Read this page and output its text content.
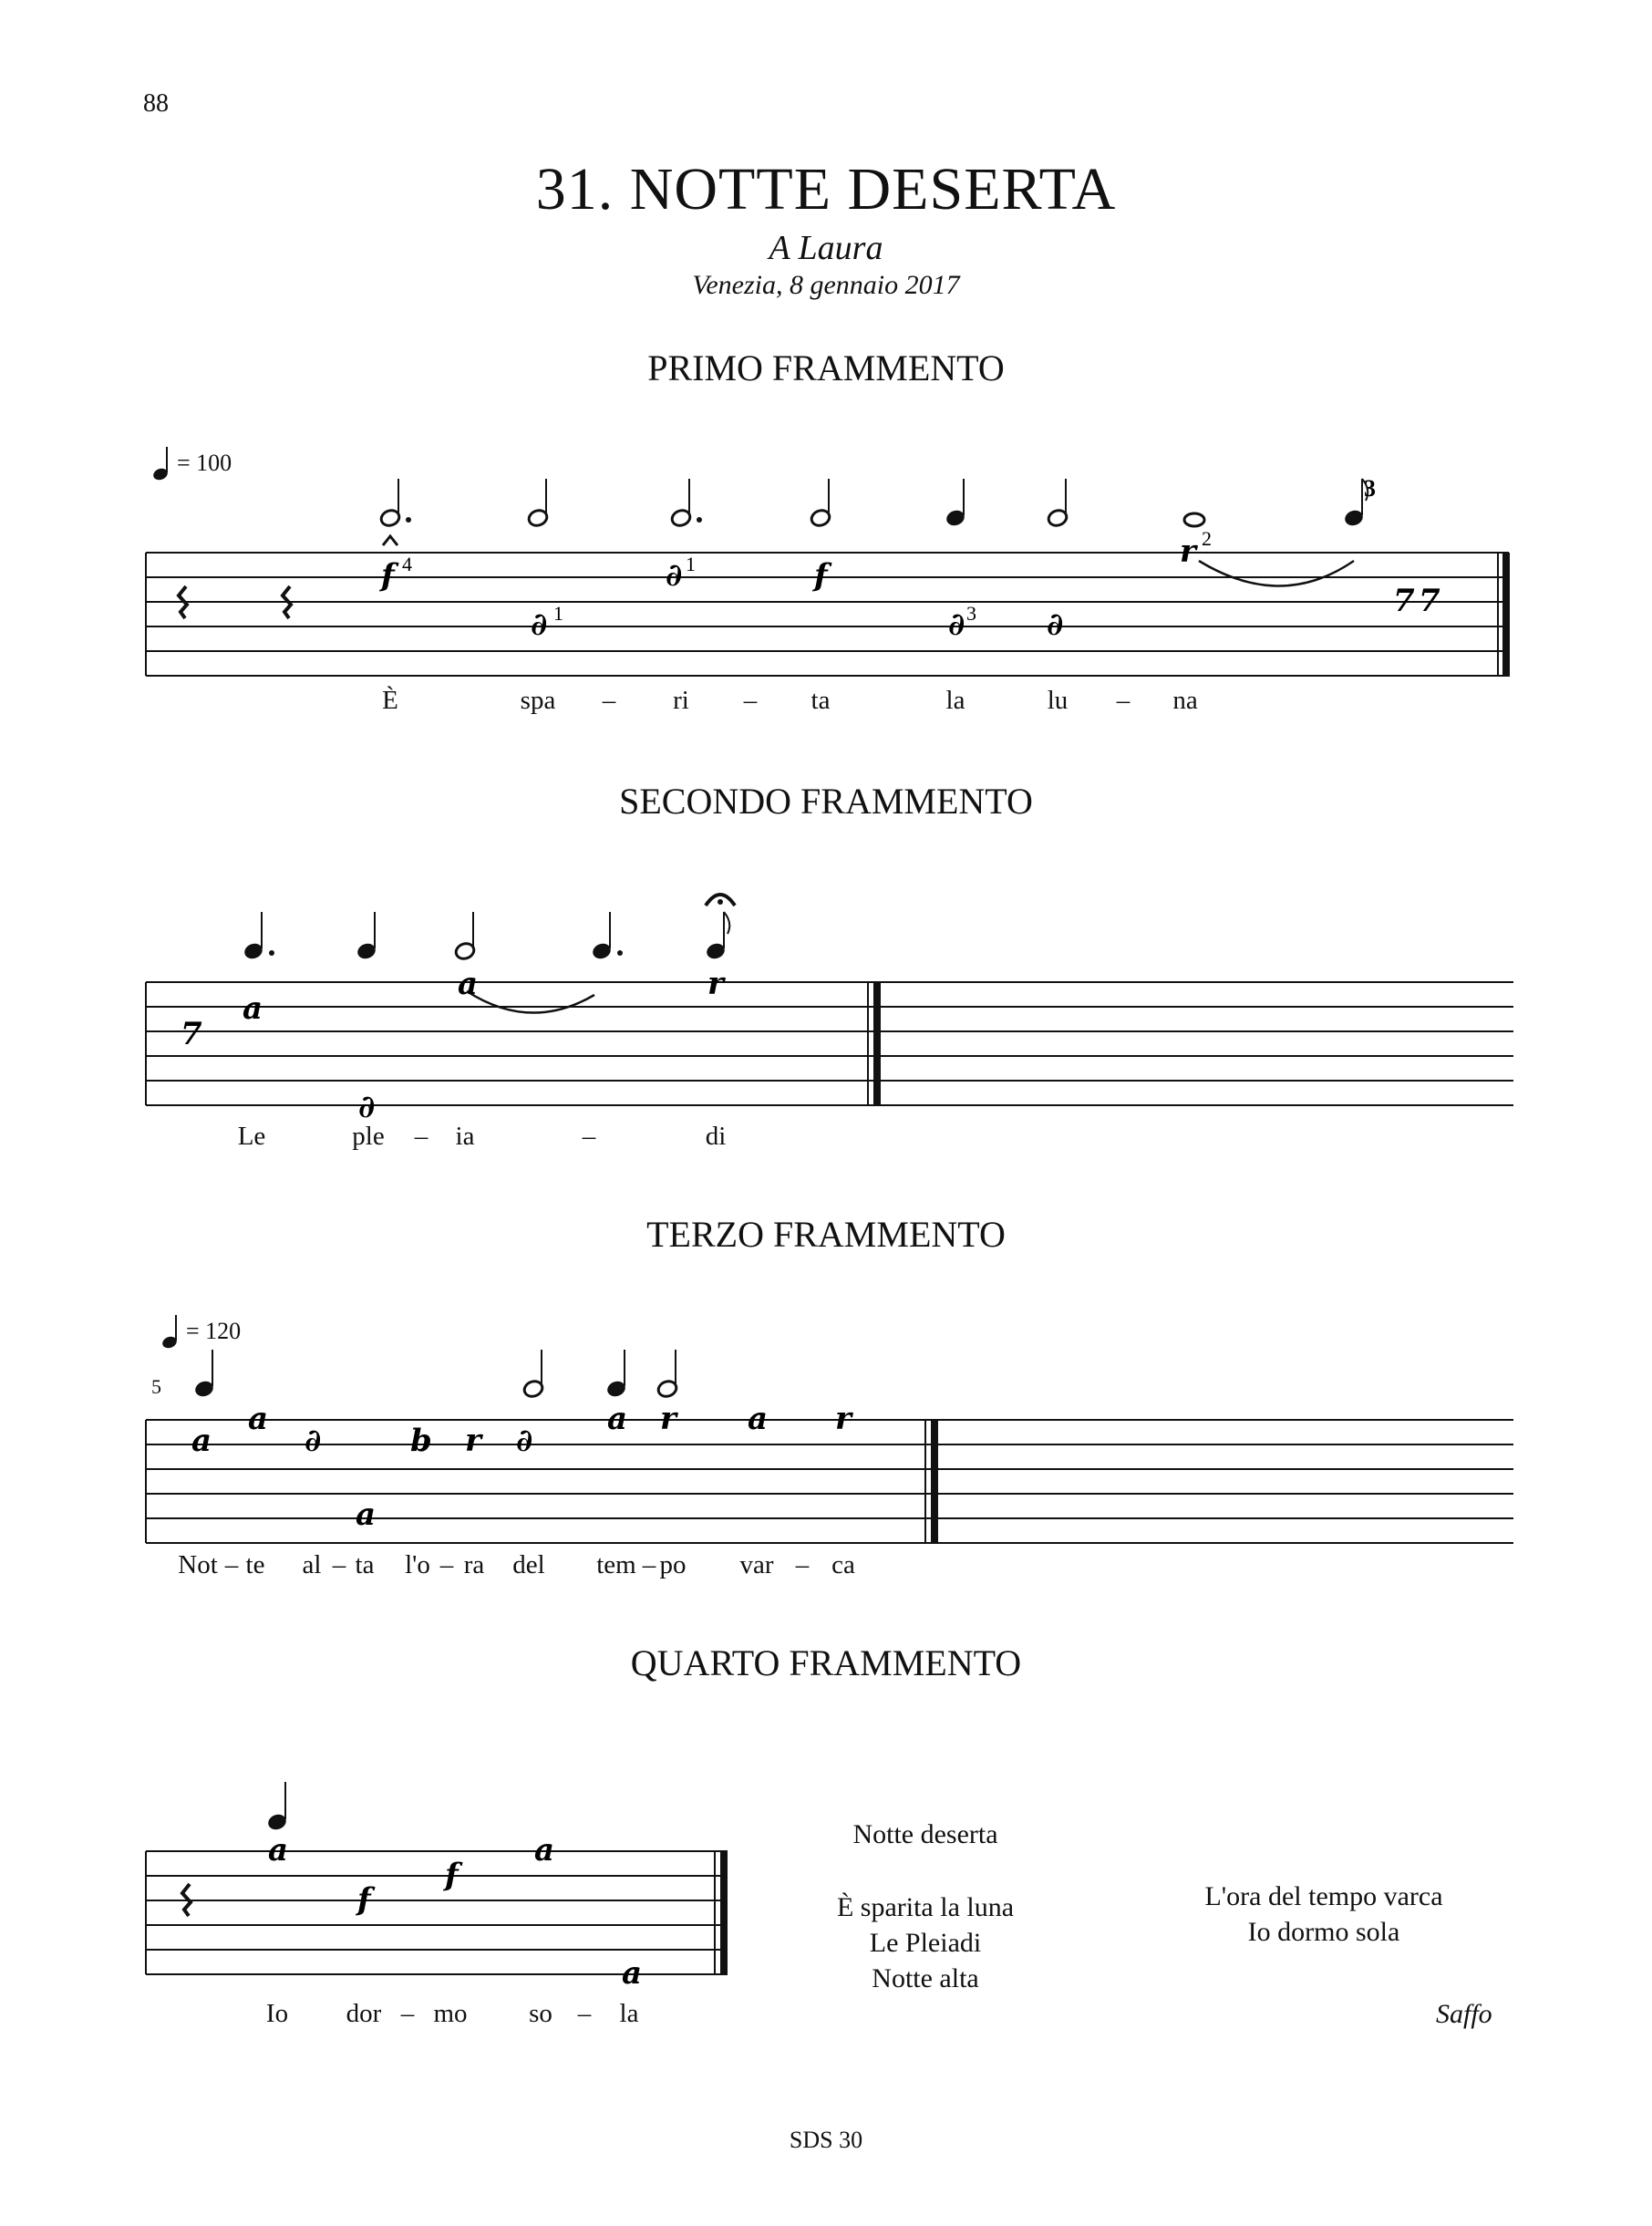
88
31. NOTTE DESERTA
A Laura
Venezia, 8 gennaio 2017
PRIMO FRAMMENTO
= 100
f
∂
∂	f
∂	∂
r
7 7
4
1
1
3
2
3
È	spa – ri – ta	la	lu – na
SECONDO FRAMMENTO
7
a
∂
a	r
Le	ple – ia	–	di
TERZO FRAMMENTO
= 120
5
a
a
∂
a
b r ∂
a r a r
Not – te al – ta l'o – ra del tem – po var – ca
QUARTO FRAMMENTO
a
f
f
a
a
Io dor – mo so – la
Notte deserta
È sparita la luna
Le Pleiadi
Notte alta
L'ora del tempo varca
Io dormo sola
Saffo
SDS 30
